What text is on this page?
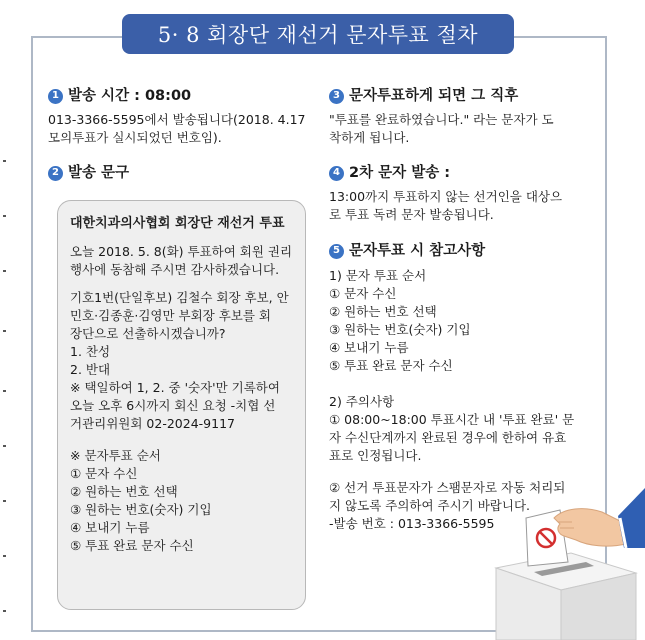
5· 8 회장단 재선거 문자투표 절차
1 발송 시간 : 08:00
013-3366-5595에서 발송됩니다(2018. 4.17
모의투표가 실시되었던 번호임).
2 발송 문구
대한치과의사협회 회장단 재선거 투표
오늘 2018. 5. 8(화) 투표하여 회원 권리
행사에 동참해 주시면 감사하겠습니다.
기호1번(단일후보) 김철수 회장 후보, 안
민호·김종훈·김영만 부회장 후보를 회
장단으로 선출하시겠습니까?
1. 찬성
2. 반대
※ 택일하여 1, 2. 중 '숫자'만 기록하여
오늘 오후 6시까지 회신 요청 -치협 선
거관리위원회 02-2024-9117
※ 문자투표 순서
① 문자 수신
② 원하는 번호 선택
③ 원하는 번호(숫자) 기입
④ 보내기 누름
⑤ 투표 완료 문자 수신
3 문자투표하게 되면 그 직후
"투표를 완료하였습니다." 라는 문자가 도
착하게 됩니다.
4 2차 문자 발송 :
13:00까지 투표하지 않는 선거인을 대상으
로 투표 독려 문자 발송됩니다.
5 문자투표 시 참고사항
1) 문자 투표 순서
① 문자 수신
② 원하는 번호 선택
③ 원하는 번호(숫자) 기입
④ 보내기 누름
⑤ 투표 완료 문자 수신
2) 주의사항
① 08:00~18:00 투표시간 내 '투표 완료' 문
자 수신단계까지 완료된 경우에 한하여 유효
표로 인정됩니다.
② 선거 투표문자가 스팸문자로 자동 처리되
지 않도록 주의하여 주시기 바랍니다.
-발송 번호 : 013-3366-5595
